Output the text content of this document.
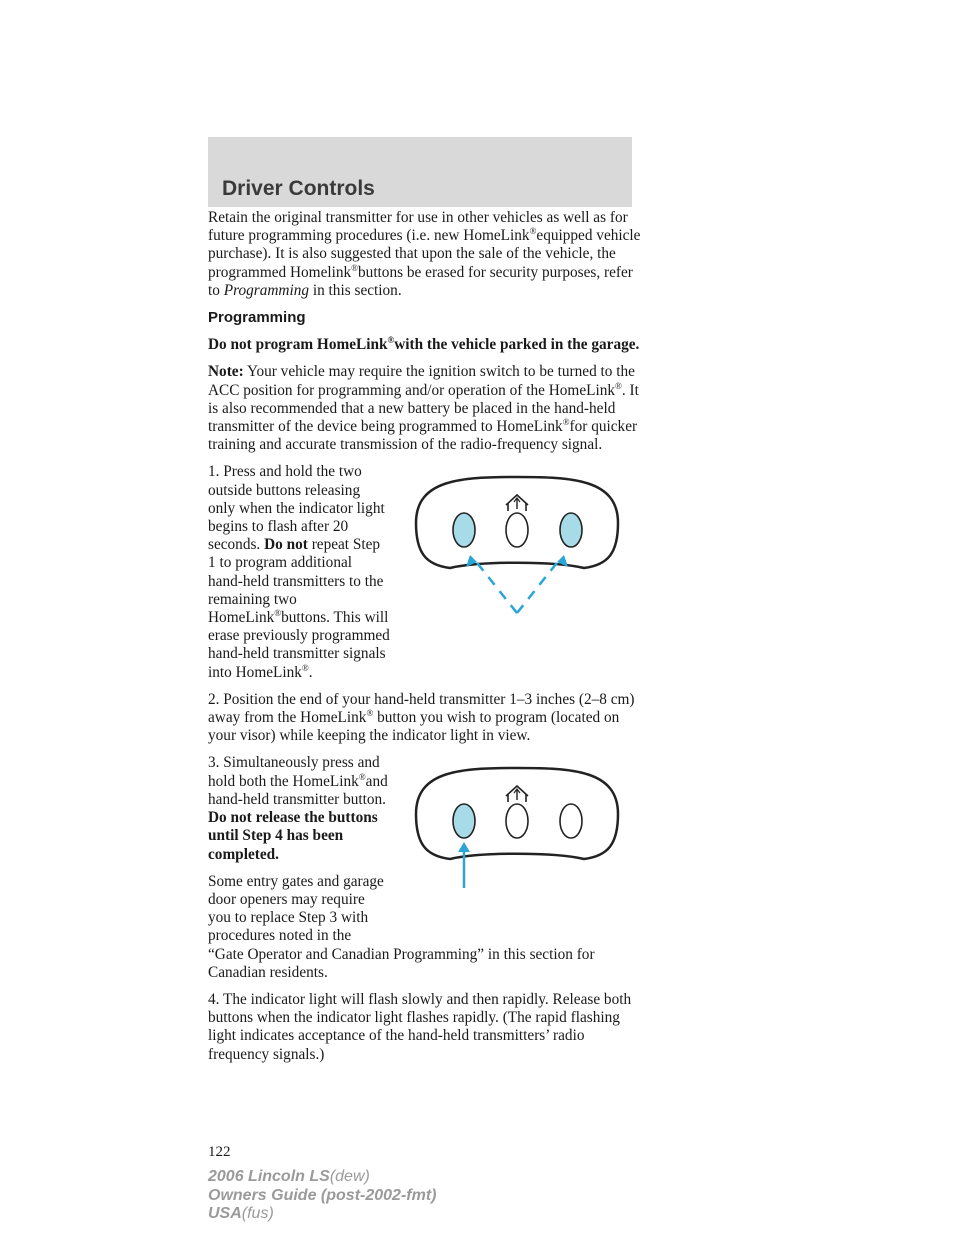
Driver Controls

Retain the original transmitter for use in other vehicles as well as for future programming procedures (i.e. new HomeLink®equipped vehicle purchase). It is also suggested that upon the sale of the vehicle, the programmed Homelink®buttons be erased for security purposes, refer to Programming in this section.

Programming

Do not program HomeLink®with the vehicle parked in the garage.

Note: Your vehicle may require the ignition switch to be turned to the ACC position for programming and/or operation of the HomeLink®. It is also recommended that a new battery be placed in the hand-held transmitter of the device being programmed to HomeLink®for quicker training and accurate transmission of the radio-frequency signal.

1. Press and hold the two outside buttons releasing only when the indicator light begins to flash after 20 seconds. Do not repeat Step 1 to program additional hand-held transmitters to the remaining two HomeLink®buttons. This will erase previously programmed hand-held transmitter signals into HomeLink®.

2. Position the end of your hand-held transmitter 1–3 inches (2–8 cm) away from the HomeLink® button you wish to program (located on your visor) while keeping the indicator light in view.

3. Simultaneously press and hold both the HomeLink®and hand-held transmitter button. Do not release the buttons until Step 4 has been completed.

Some entry gates and garage door openers may require you to replace Step 3 with procedures noted in the

“Gate Operator and Canadian Programming” in this section for Canadian residents.

4. The indicator light will flash slowly and then rapidly. Release both buttons when the indicator light flashes rapidly. (The rapid flashing light indicates acceptance of the hand-held transmitters’ radio frequency signals.)

122
2006 Lincoln LS(dew)
Owners Guide (post-2002-fmt)
USA(fus)
